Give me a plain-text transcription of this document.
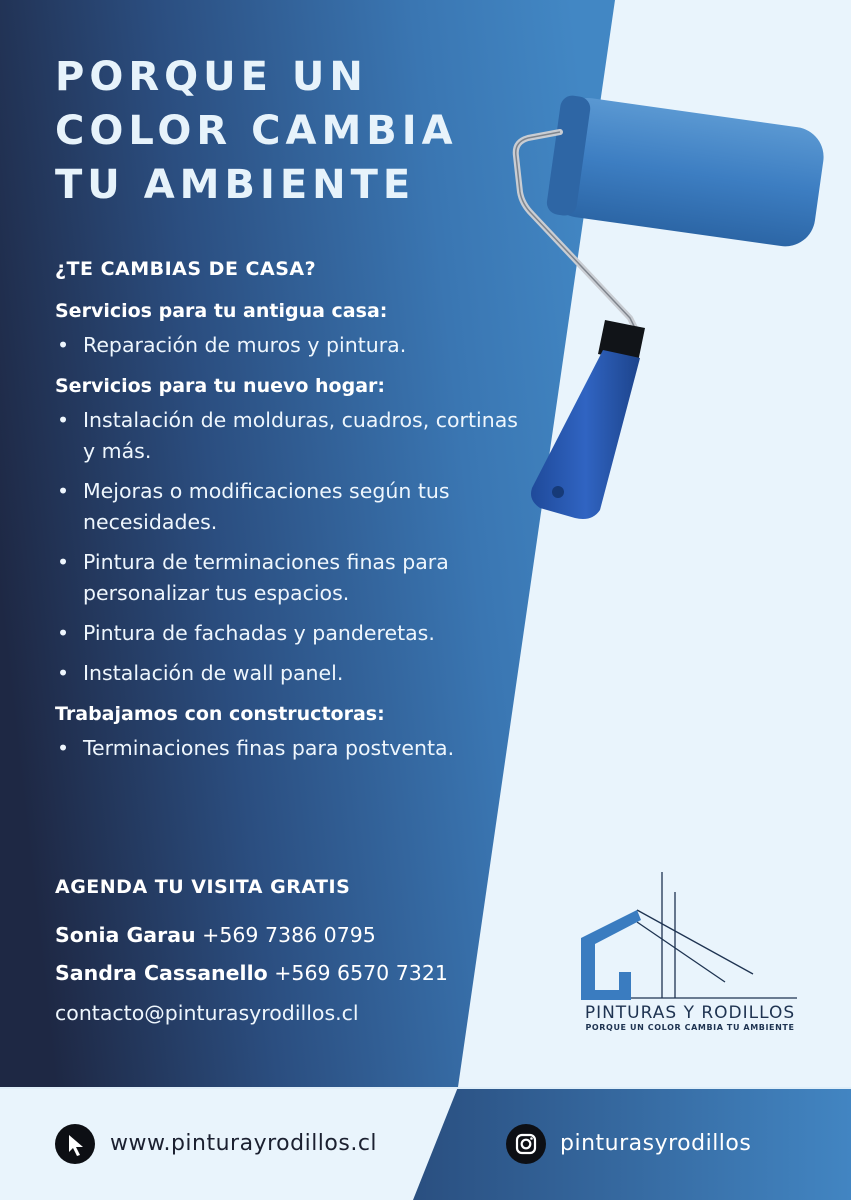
PORQUE UN
COLOR CAMBIA
TU AMBIENTE
¿TE CAMBIAS DE CASA?
Servicios para tu antigua casa:
• Reparación de muros y pintura.
Servicios para tu nuevo hogar:
• Instalación de molduras, cuadros, cortinas y más.
• Mejoras o modificaciones según tus necesidades.
• Pintura de terminaciones finas para personalizar tus espacios.
• Pintura de fachadas y panderetas.
• Instalación de wall panel.
Trabajamos con constructoras:
• Terminaciones finas para postventa.
AGENDA TU VISITA GRATIS
Sonia Garau +569 7386 0795
Sandra Cassanello +569 6570 7321
contacto@pinturasyrodillos.cl	PINTURAS Y RODILLOS
PORQUE UN COLOR CAMBIA TU AMBIENTE
www.pinturayrodillos.cl	pinturasyrodillos
